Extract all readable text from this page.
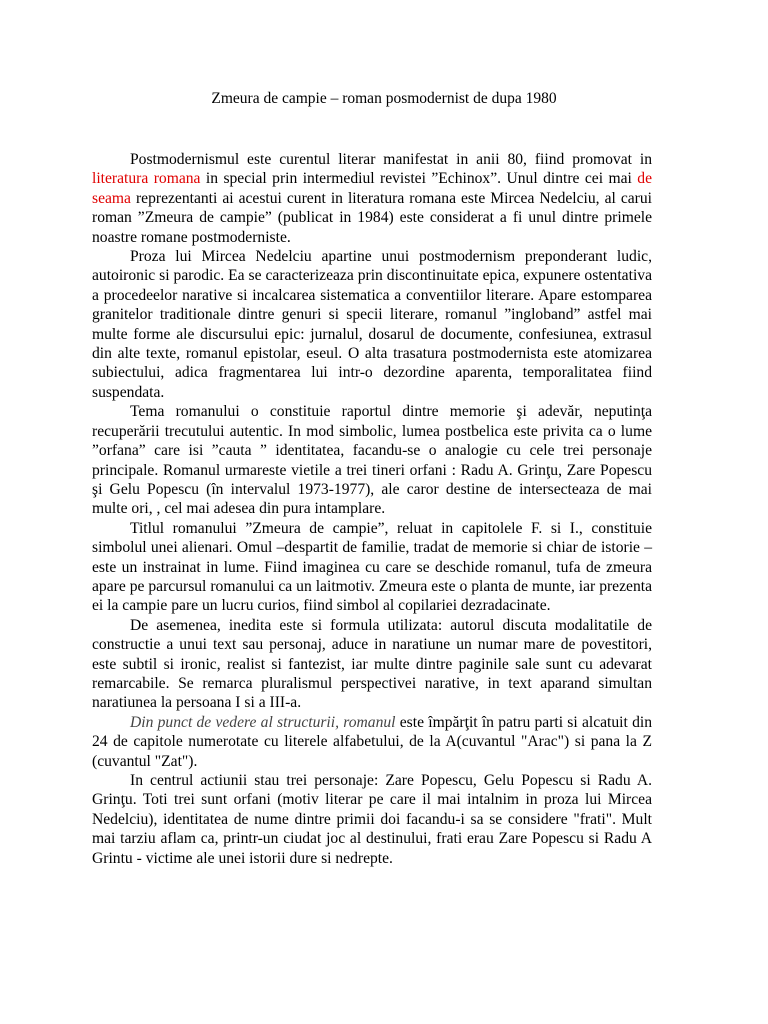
Zmeura de campie – roman posmodernist de dupa 1980

Postmodernismul este curentul literar manifestat in anii 80, fiind promovat in literatura romana in special prin intermediul revistei ”Echinox”. Unul dintre cei mai de seama reprezentanti ai acestui curent in literatura romana este Mircea Nedelciu, al carui roman ”Zmeura de campie” (publicat in 1984) este considerat a fi unul dintre primele noastre romane postmoderniste.

Proza lui Mircea Nedelciu apartine unui postmodernism preponderant ludic, autoironic si parodic. Ea se caracterizeaza prin discontinuitate epica, expunere ostentativa a procedeelor narative si incalcarea sistematica a conventiilor literare. Apare estomparea granitelor traditionale dintre genuri si specii literare, romanul ”ingloband” astfel mai multe forme ale discursului epic: jurnalul, dosarul de documente, confesiunea, extrasul din alte texte, romanul epistolar, eseul. O alta trasatura postmodernista este atomizarea subiectului, adica fragmentarea lui intr-o dezordine aparenta, temporalitatea fiind suspendata.

Tema romanului o constituie raportul dintre memorie şi adevăr, neputinţa recuperării trecutului autentic. In mod simbolic, lumea postbelica este privita ca o lume ”orfana” care isi ”cauta ” identitatea, facandu-se o analogie cu cele trei personaje principale. Romanul urmareste vietile a trei tineri orfani : Radu A. Grinţu, Zare Popescu şi Gelu Popescu (în intervalul 1973-1977), ale caror destine de intersecteaza de mai multe ori, , cel mai adesea din pura intamplare.

Titlul romanului ”Zmeura de campie”, reluat in capitolele F. si I., constituie simbolul unei alienari. Omul –despartit de familie, tradat de memorie si chiar de istorie – este un instrainat in lume. Fiind imaginea cu care se deschide romanul, tufa de zmeura apare pe parcursul romanului ca un laitmotiv. Zmeura este o planta de munte, iar prezenta ei la campie pare un lucru curios, fiind simbol al copilariei dezradacinate.

De asemenea, inedita este si formula utilizata: autorul discuta modalitatile de constructie a unui text sau personaj, aduce in naratiune un numar mare de povestitori, este subtil si ironic, realist si fantezist, iar multe dintre paginile sale sunt cu adevarat remarcabile. Se remarca pluralismul perspectivei narative, in text aparand simultan naratiunea la persoana I si a III-a.

Din punct de vedere al structurii, romanul este împărţit în patru parti si alcatuit din 24 de capitole numerotate cu literele alfabetului, de la A(cuvantul "Arac") si pana la Z (cuvantul "Zat").

In centrul actiunii stau trei personaje: Zare Popescu, Gelu Popescu si Radu A. Grinţu. Toti trei sunt orfani (motiv literar pe care il mai intalnim in proza lui Mircea Nedelciu), identitatea de nume dintre primii doi facandu-i sa se considere "frati". Mult mai tarziu aflam ca, printr-un ciudat joc al destinului, frati erau Zare Popescu si Radu A Grintu - victime ale unei istorii dure si nedrepte.
